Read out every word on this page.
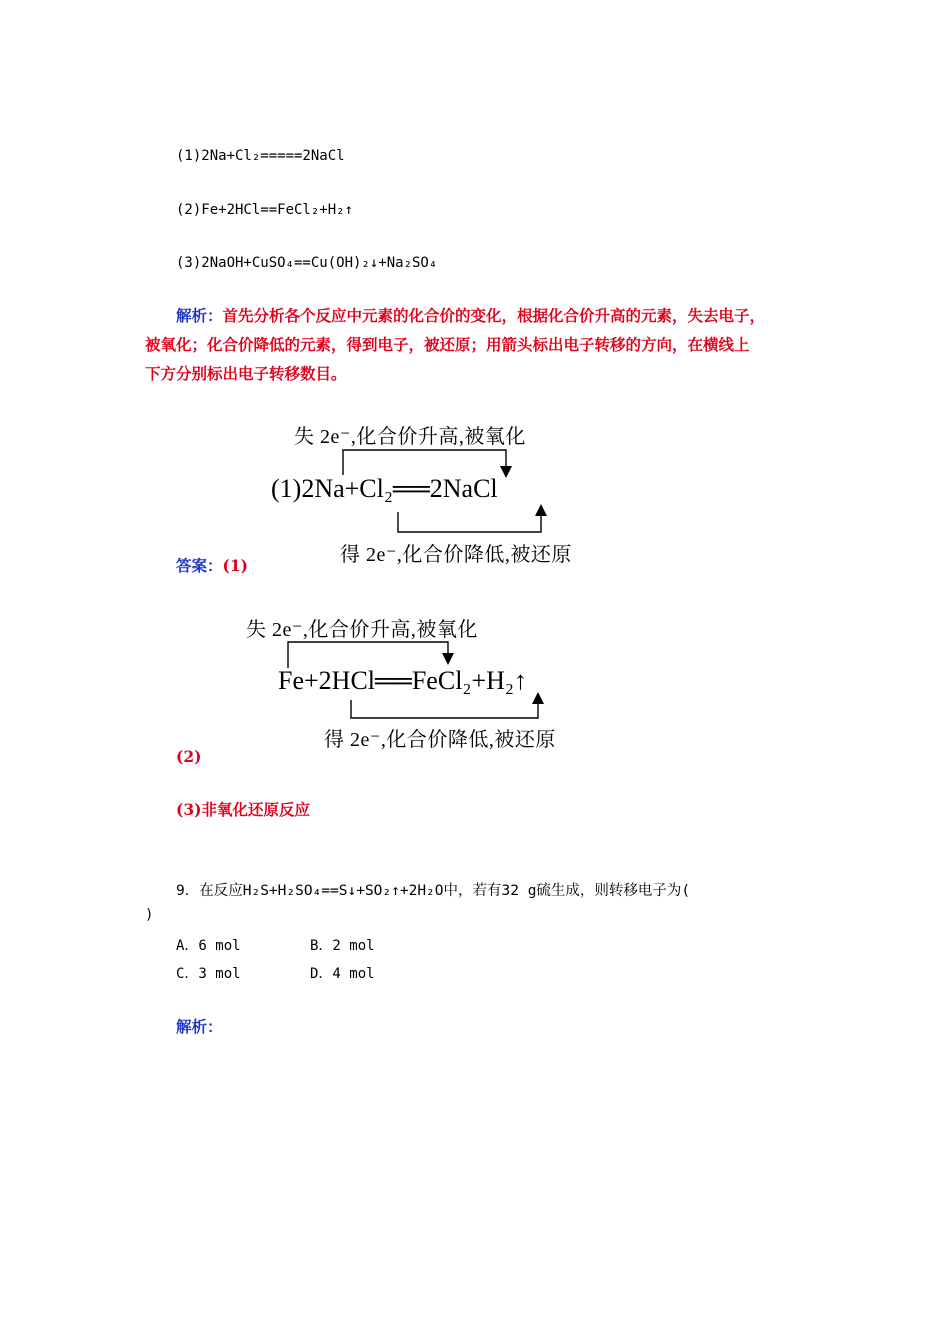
(1)2Na+Cl₂=====2NaCl
(2)Fe+2HCl==FeCl₂+H₂↑
(3)2NaOH+CuSO₄==Cu(OH)₂↓+Na₂SO₄
解析：首先分析各个反应中元素的化合价的变化，根据化合价升高的元素，失去电子，
被氧化；化合价降低的元素，得到电子，被还原；用箭头标出电子转移的方向，在横线上
下方分别标出电子转移数目。
失 2e⁻,化合价升高,被氧化
(1)2Na+Cl₂══2NaCl
得 2e⁻,化合价降低,被还原
答案：(1)
失 2e⁻,化合价升高,被氧化
Fe+2HCl══FeCl₂+H₂↑
得 2e⁻,化合价降低,被还原
(2)
(3)非氧化还原反应
9．在反应H₂S+H₂SO₄==S↓+SO₂↑+2H₂O中，若有32 g硫生成，则转移电子为(
)
A．6 mol	B．2 mol
C．3 mol	D．4 mol
解析：
